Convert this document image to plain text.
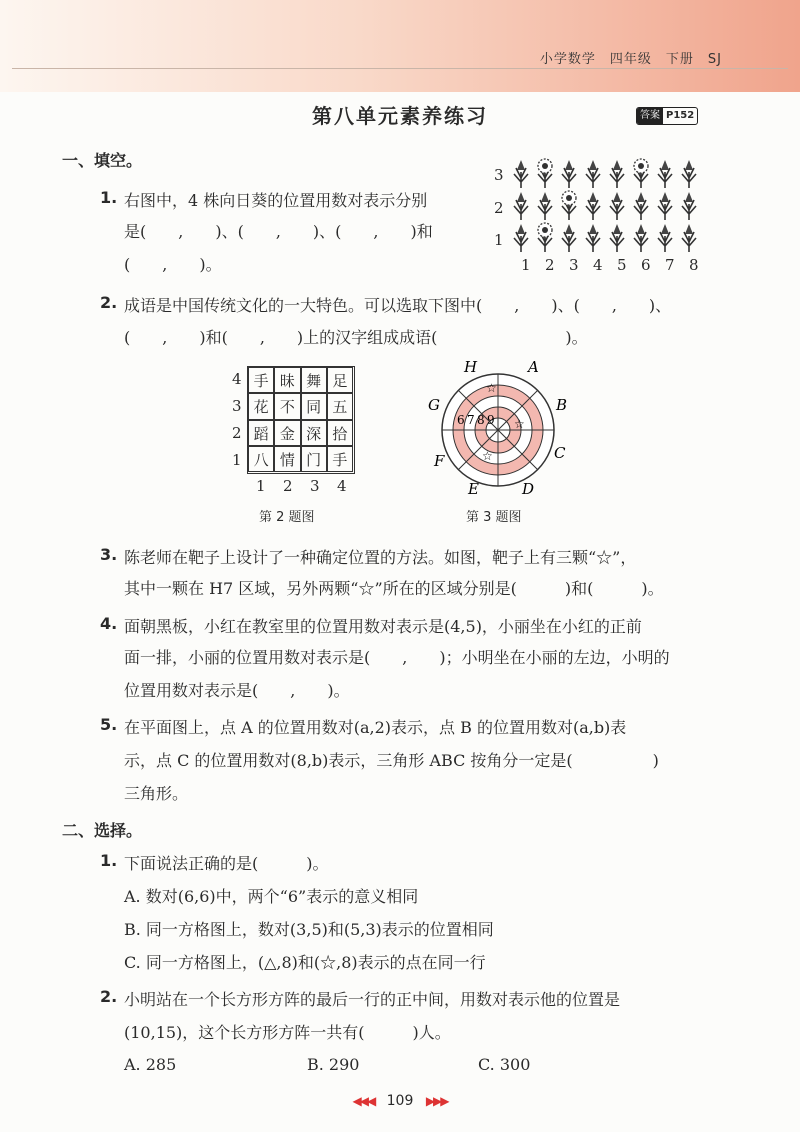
小学数学　四年级　下册　SJ
第八单元素养练习	答案 P152
一、填空。
1. 右图中，4 株向日葵的位置用数对表示分别
是(　　,　　)、(　　,　　)、(　　,　　)和
(　　,　　)。
3
2
1
1 2 3 4 5 6 7 8
2. 成语是中国传统文化的一大特色。可以选取下图中(　　,　　)、(　　,　　)、
(　　,　　)和(　　,　　)上的汉字组成成语(　　　　　　　　)。
4
3
2
1
手 昧 舞 足
花 不 同 五
蹈 金 深 拾
八 情 门 手
1 2 3 4
第 2 题图
☆
☆
☆
6 7 8 9
H	A
G	B
F	C
E	D
第 3 题图
3. 陈老师在靶子上设计了一种确定位置的方法。如图，靶子上有三颗“☆”，
其中一颗在 H7 区域，另外两颗“☆”所在的区域分别是(　　　)和(　　　)。
4. 面朝黑板，小红在教室里的位置用数对表示是(4,5)，小丽坐在小红的正前
面一排，小丽的位置用数对表示是(　　,　　)；小明坐在小丽的左边，小明的
位置用数对表示是(　　,　　)。
5. 在平面图上，点 A 的位置用数对(a,2)表示，点 B 的位置用数对(a,b)表
示，点 C 的位置用数对(8,b)表示，三角形 ABC 按角分一定是(　　　　　)
三角形。
二、选择。
1. 下面说法正确的是(　　　)。
A. 数对(6,6)中，两个“6”表示的意义相同
B. 同一方格图上，数对(3,5)和(5,3)表示的位置相同
C. 同一方格图上，(△,8)和(☆,8)表示的点在同一行
2. 小明站在一个长方形方阵的最后一行的正中间，用数对表示他的位置是
(10,15)，这个长方形方阵一共有(　　　)人。
A. 285	B. 290	C. 300
◀◀◀ 109 ▶▶▶
